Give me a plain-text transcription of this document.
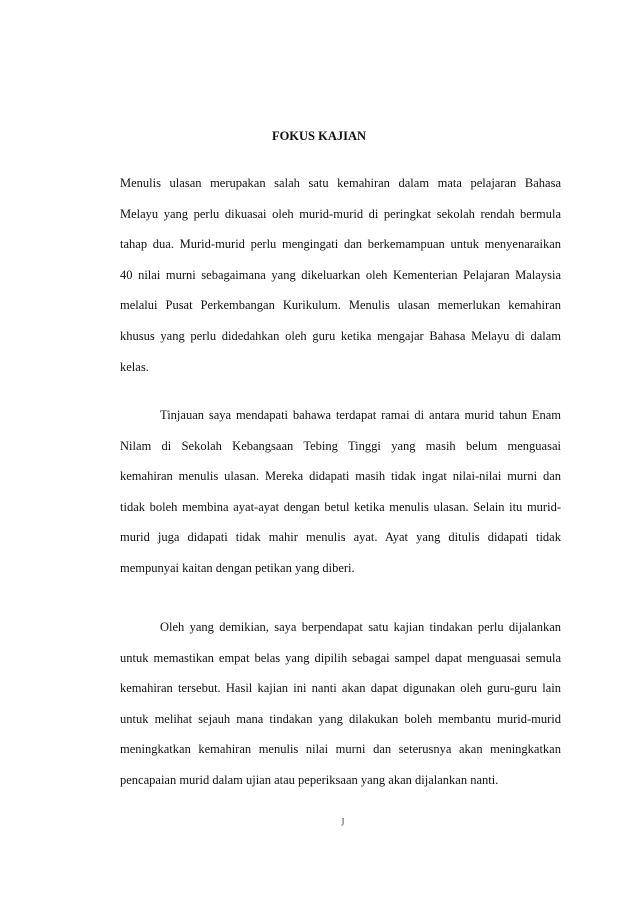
FOKUS KAJIAN
Menulis ulasan merupakan salah satu kemahiran dalam mata pelajaran Bahasa
Melayu yang perlu dikuasai oleh murid-murid di peringkat sekolah rendah bermula
tahap dua. Murid-murid perlu mengingati dan berkemampuan untuk menyenaraikan
40 nilai murni sebagaimana yang dikeluarkan oleh Kementerian Pelajaran Malaysia
melalui Pusat Perkembangan Kurikulum. Menulis ulasan memerlukan kemahiran
khusus yang perlu didedahkan oleh guru ketika mengajar Bahasa Melayu di dalam
kelas.
Tinjauan saya mendapati bahawa terdapat ramai di antara murid tahun Enam
Nilam di Sekolah Kebangsaan Tebing Tinggi yang masih belum menguasai
kemahiran menulis ulasan. Mereka didapati masih tidak ingat nilai-nilai murni dan
tidak boleh membina ayat-ayat dengan betul ketika menulis ulasan. Selain itu murid-
murid juga didapati tidak mahir menulis ayat. Ayat yang ditulis didapati tidak
mempunyai kaitan dengan petikan yang diberi.
Oleh yang demikian, saya berpendapat satu kajian tindakan perlu dijalankan
untuk memastikan empat belas yang dipilih sebagai sampel dapat menguasai semula
kemahiran tersebut. Hasil kajian ini nanti akan dapat digunakan oleh guru-guru lain
untuk melihat sejauh mana tindakan yang dilakukan boleh membantu murid-murid
meningkatkan kemahiran menulis nilai murni dan seterusnya akan meningkatkan
pencapaian murid dalam ujian atau peperiksaan yang akan dijalankan nanti.
ȷ
